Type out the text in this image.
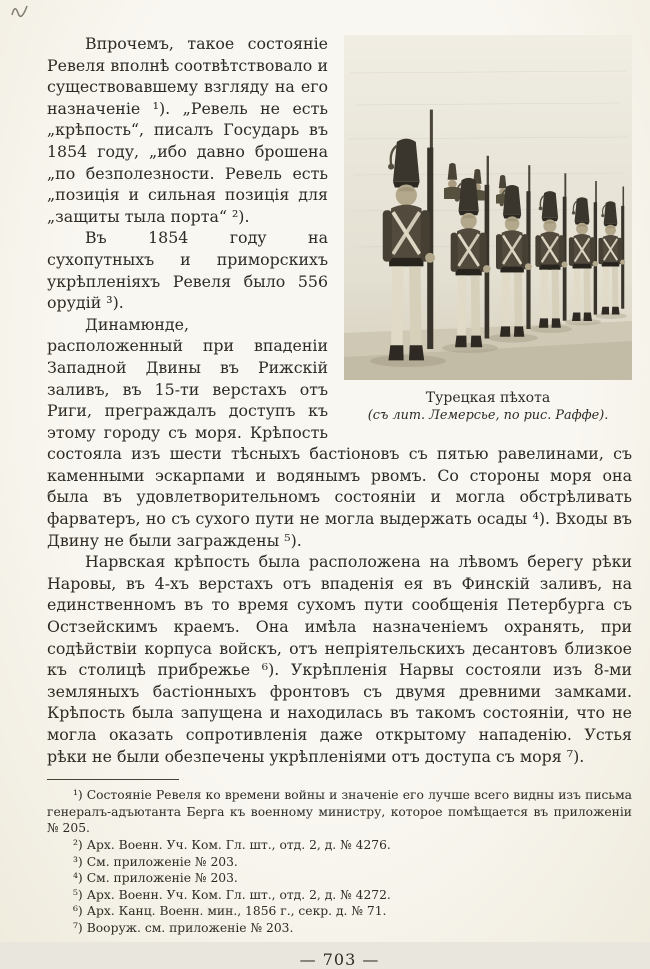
Турецкая пѣхота
(съ лит. Лемерсье, по рис. Раффе).

Впрочемъ, такое состояніе Ревеля вполнѣ соотвѣтствовало и существовавшему взгляду на его назначеніе ¹). „Ревель не есть „крѣпость“, писалъ Государь въ 1854 году, „ибо давно брошена „по безполезности. Ревель есть „позиція и сильная позиція для „защиты тыла порта“ ²).

Въ 1854 году на сухопутныхъ и приморскихъ укрѣпленіяхъ Ревеля было 556 орудій ³).

Динамюнде, расположенный при впаденіи Западной Двины въ Рижскій заливъ, въ 15-ти верстахъ отъ Риги, преграждалъ доступъ къ этому городу съ моря. Крѣпость состояла изъ шести тѣсныхъ бастіоновъ съ пятью равелинами, съ каменными эскарпами и водянымъ рвомъ. Со стороны моря она была въ удовлетворительномъ состояніи и могла обстрѣливать фарватеръ, но съ сухого пути не могла выдержать осады ⁴). Входы въ Двину не были заграждены ⁵).

Нарвская крѣпость была расположена на лѣвомъ берегу рѣки Наровы, въ 4-хъ верстахъ отъ впаденія ея въ Финскій заливъ, на единственномъ въ то время сухомъ пути сообщенія Петербурга съ Остзейскимъ краемъ. Она имѣла назначеніемъ охранять, при содѣйствіи корпуса войскъ, отъ непріятельскихъ десантовъ близкое къ столицѣ прибрежье ⁶). Укрѣпленія Нарвы состояли изъ 8-ми земляныхъ бастіонныхъ фронтовъ съ двумя древними замками. Крѣпость была запущена и находилась въ такомъ состояніи, что не могла оказать сопротивленія даже открытому нападенію. Устья рѣки не были обезпечены укрѣпленіями отъ доступа съ моря ⁷).

¹) Состояніе Ревеля ко времени войны и значеніе его лучше всего видны изъ письма генералъ-адъютанта Берга къ военному министру, которое помѣщается въ приложеніи № 205.

²) Арх. Военн. Уч. Ком. Гл. шт., отд. 2, д. № 4276.

³) См. приложеніе № 203.

⁴) См. приложеніе № 203.

⁵) Арх. Военн. Уч. Ком. Гл. шт., отд. 2, д. № 4272.

⁶) Арх. Канц. Военн. мин., 1856 г., секр. д. № 71.

⁷) Вооруж. см. приложеніе № 203.

— 703 —
